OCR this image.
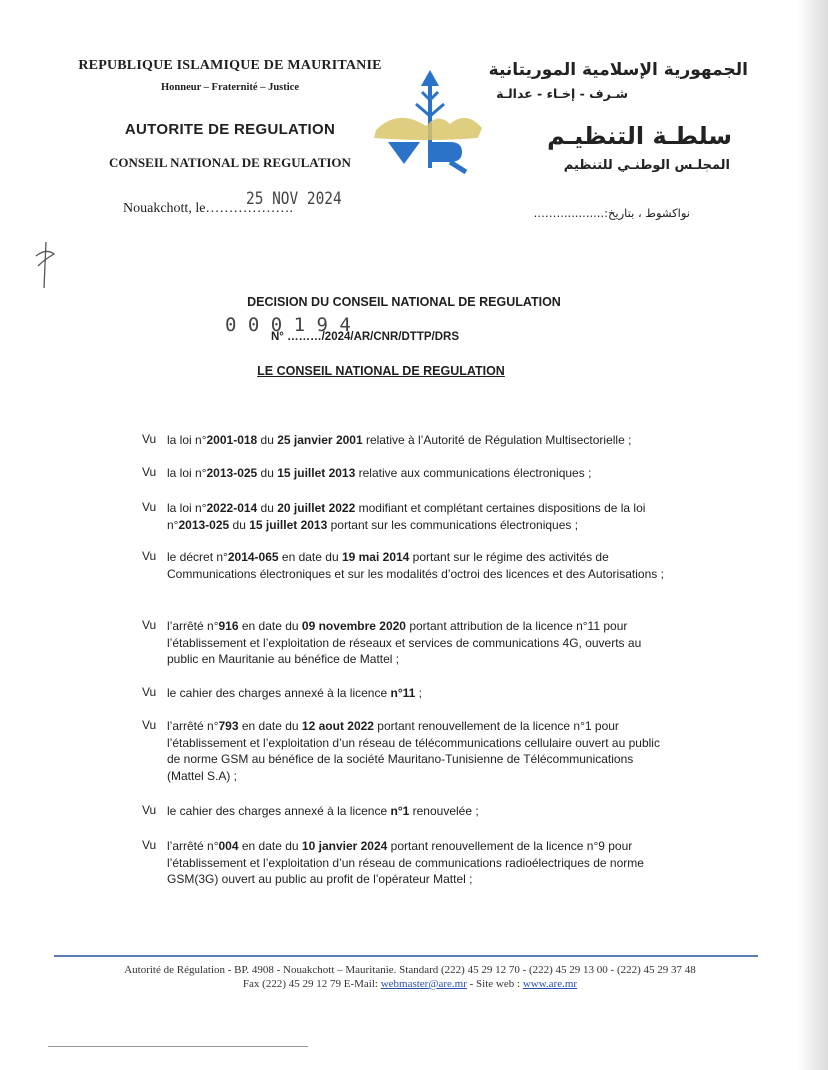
REPUBLIQUE ISLAMIQUE DE MAURITANIE
Honneur – Fraternité – Justice
AUTORITE DE REGULATION
CONSEIL NATIONAL DE REGULATION
Nouakchott, le……………….
25 NOV 2024
الجمهورية الإسلامية الموريتانية
شـرف - إخـاء - عدالـة
سلطـة التنظيـم
المجلـس الوطنـي للتنظيم
نواكشوط ، بتاريخ:............…….
DECISION DU CONSEIL NATIONAL DE REGULATION
0 0 0 1 9 4
N° ………/2024/AR/CNR/DTTP/DRS
LE CONSEIL NATIONAL DE REGULATION
Vu la loi n°2001-018 du 25 janvier 2001 relative à l’Autorité de Régulation Multisectorielle ;
Vu la loi n°2013-025 du 15 juillet 2013 relative aux communications électroniques ;
Vu la loi n°2022-014 du 20 juillet 2022 modifiant et complétant certaines dispositions de la loi n°2013-025 du 15 juillet 2013 portant sur les communications électroniques ;
Vu le décret n°2014-065 en date du 19 mai 2014 portant sur le régime des activités de Communications électroniques et sur les modalités d’octroi des licences et des Autorisations ;
Vu l’arrêté n°916 en date du 09 novembre 2020 portant attribution de la licence n°11 pour l’établissement et l’exploitation de réseaux et services de communications 4G, ouverts au public en Mauritanie au bénéfice de Mattel ;
Vu le cahier des charges annexé à la licence n°11 ;
Vu l’arrêté n°793 en date du 12 aout 2022 portant renouvellement de la licence n°1 pour l’établissement et l’exploitation d’un réseau de télécommunications cellulaire ouvert au public de norme GSM au bénéfice de la société Mauritano-Tunisienne de Télécommunications (Mattel S.A) ;
Vu le cahier des charges annexé à la licence n°1 renouvelée ;
Vu l’arrêté n°004 en date du 10 janvier 2024 portant renouvellement de la licence n°9 pour l’établissement et l’exploitation d’un réseau de communications radioélectriques de norme GSM(3G) ouvert au public au profit de l’opérateur Mattel ;
Autorité de Régulation - BP. 4908 - Nouakchott – Mauritanie. Standard (222) 45 29 12 70 - (222) 45 29 13 00 - (222) 45 29 37 48
Fax (222) 45 29 12 79 E-Mail: webmaster@are.mr - Site web : www.are.mr
